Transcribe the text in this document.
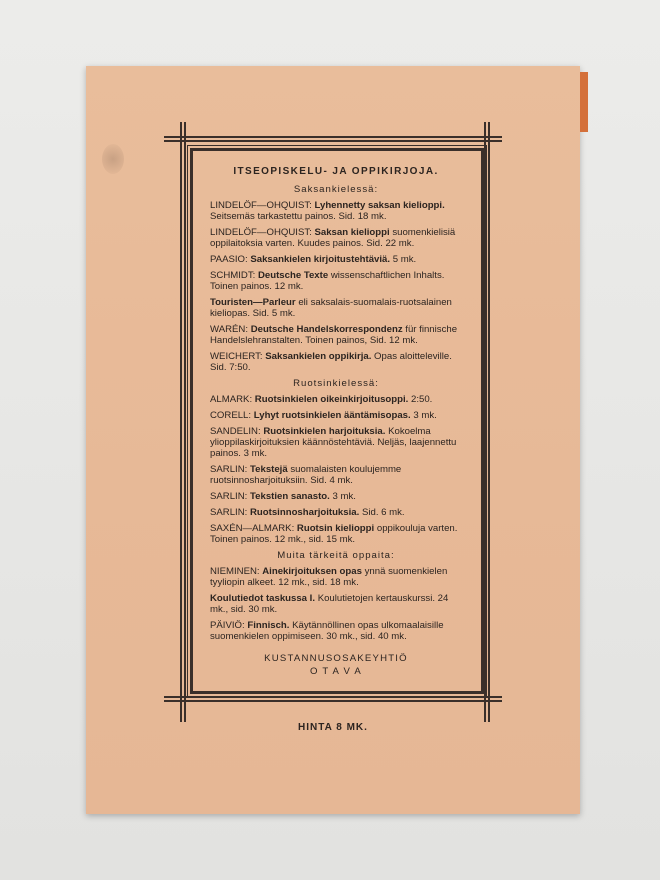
ITSEOPISKELU- JA OPPIKIRJOJA.
Saksankielessä:
LINDELÖF—OHQUIST: Lyhennetty saksan kielioppi. Seitsemäs tarkastettu painos. Sid. 18 mk.
LINDELÖF—OHQUIST: Saksan kielioppi suomenkielisiä oppilaitoksia varten. Kuudes painos. Sid. 22 mk.
PAASIO: Saksankielen kirjoitustehtäviä. 5 mk.
SCHMIDT: Deutsche Texte wissenschaftlichen Inhalts. Toinen painos. 12 mk.
Touristen—Parleur eli saksalais-suomalais-ruotsalainen kieliopas. Sid. 5 mk.
WARÉN: Deutsche Handelskorrespondenz für finnische Handelslehranstalten. Toinen painos, Sid. 12 mk.
WEICHERT: Saksankielen oppikirja. Opas aloitteleville. Sid. 7:50.
Ruotsinkielessä:
ALMARK: Ruotsinkielen oikeinkirjoitusoppi. 2:50.
CORELL: Lyhyt ruotsinkielen ääntämisopas. 3 mk.
SANDELIN: Ruotsinkielen harjoituksia. Kokoelma ylioppilaskirjoituksien käännöstehtäviä. Neljäs, laajennettu painos. 3 mk.
SARLIN: Tekstejä suomalaisten koulujemme ruotsinnosharjoituksiin. Sid. 4 mk.
SARLIN: Tekstien sanasto. 3 mk.
SARLIN: Ruotsinnosharjoituksia. Sid. 6 mk.
SAXÉN—ALMARK: Ruotsin kielioppi oppikouluja varten. Toinen painos. 12 mk., sid. 15 mk.
Muita tärkeitä oppaita:
NIEMINEN: Ainekirjoituksen opas ynnä suomenkielen tyyliopin alkeet. 12 mk., sid. 18 mk.
Koulutiedot taskussa I. Koulutietojen kertauskurssi. 24 mk., sid. 30 mk.
PÄIVIÖ: Finnisch. Käytännöllinen opas ulkomaalaisille suomenkielen oppimiseen. 30 mk., sid. 40 mk.
KUSTANNUSOSAKEYHTIÖ
O T A V A
HINTA 8 MK.
